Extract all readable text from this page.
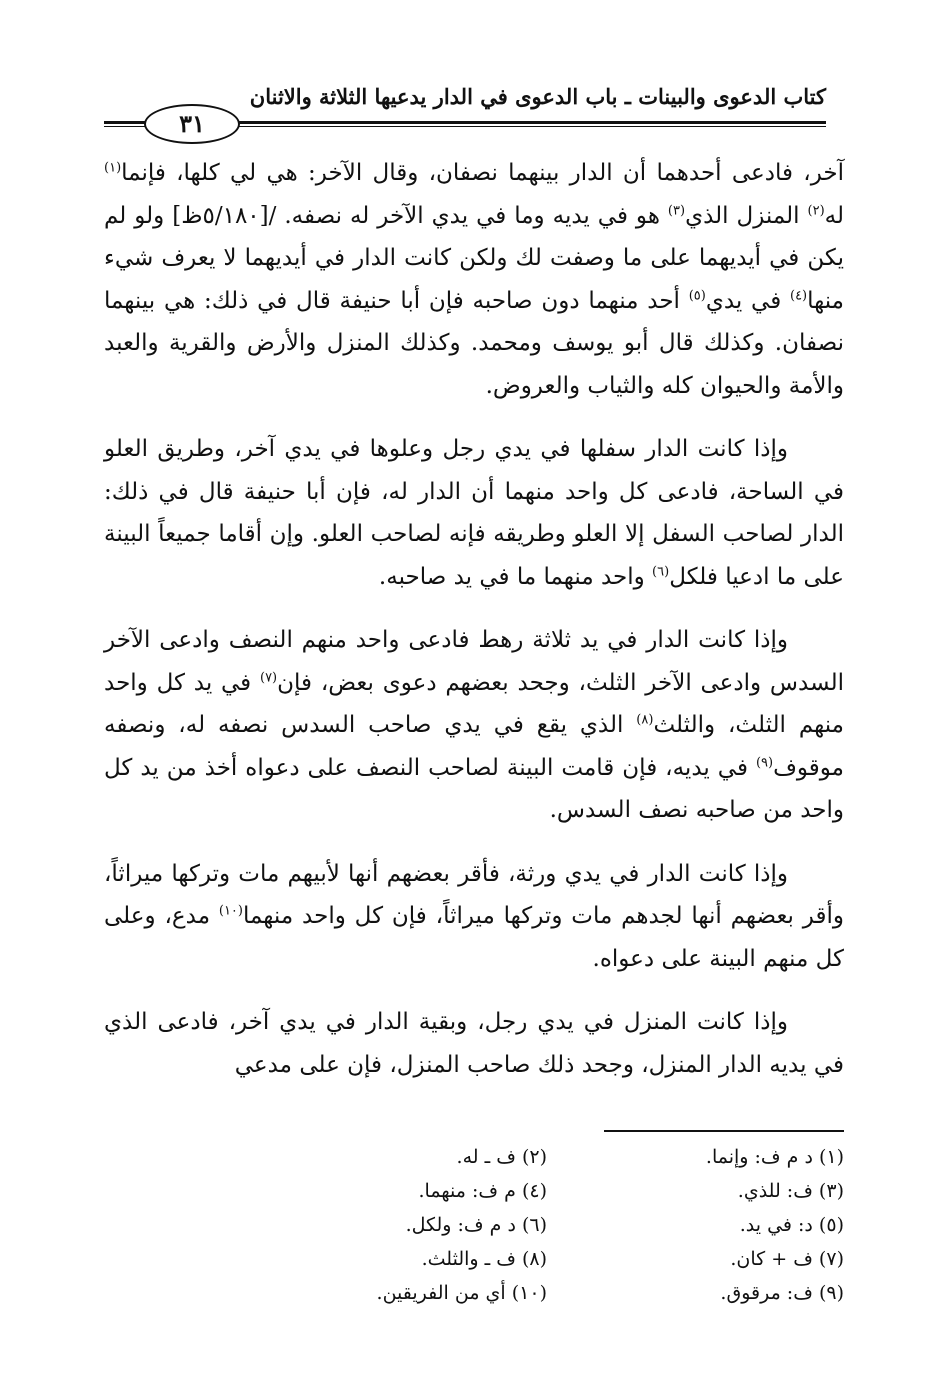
كتاب الدعوى والبينات ـ باب الدعوى في الدار يدعيها الثلاثة والاثنان
٣١

آخر، فادعى أحدهما أن الدار بينهما نصفان، وقال الآخر: هي لي كلها، فإنما$^{(١)}$ له$^{(٢)}$ المنزل الذي$^{(٣)}$ هو في يديه وما في يدي الآخر له نصفه. /[٥/١٨٠ظ] ولو لم يكن في أيديهما على ما وصفت لك ولكن كانت الدار في أيديهما لا يعرف شيء منها$^{(٤)}$ في يدي$^{(٥)}$ أحد منهما دون صاحبه فإن أبا حنيفة قال في ذلك: هي بينهما نصفان. وكذلك قال أبو يوسف ومحمد. وكذلك المنزل والأرض والقرية والعبد والأمة والحيوان كله والثياب والعروض.

وإذا كانت الدار سفلها في يدي رجل وعلوها في يدي آخر، وطريق العلو في الساحة، فادعى كل واحد منهما أن الدار له، فإن أبا حنيفة قال في ذلك: الدار لصاحب السفل إلا العلو وطريقه فإنه لصاحب العلو. وإن أقاما جميعاً البينة على ما ادعيا فلكل$^{(٦)}$ واحد منهما ما في يد صاحبه.

وإذا كانت الدار في يد ثلاثة رهط فادعى واحد منهم النصف وادعى الآخر السدس وادعى الآخر الثلث، وجحد بعضهم دعوى بعض، فإن$^{(٧)}$ في يد كل واحد منهم الثلث، والثلث$^{(٨)}$ الذي يقع في يدي صاحب السدس نصفه له، ونصفه موقوف$^{(٩)}$ في يديه، فإن قامت البينة لصاحب النصف على دعواه أخذ من يد كل واحد من صاحبه نصف السدس.

وإذا كانت الدار في يدي ورثة، فأقر بعضهم أنها لأبيهم مات وتركها ميراثاً، وأقر بعضهم أنها لجدهم مات وتركها ميراثاً، فإن كل واحد منهما$^{(١٠)}$ مدع، وعلى كل منهم البينة على دعواه.

وإذا كانت المنزل في يدي رجل، وبقية الدار في يدي آخر، فادعى الذي في يديه الدار المنزل، وجحد ذلك صاحب المنزل، فإن على مدعي

(١) د م ف: وإنما.
(٢) ف ـ له.
(٣) ف: للذي.
(٤) م ف: منهما.
(٥) د: في يد.
(٦) د م ف: ولكل.
(٧) ف + كان.
(٨) ف ـ والثلث.
(٩) ف: مرقوق.
(١٠) أي من الفريقين.
